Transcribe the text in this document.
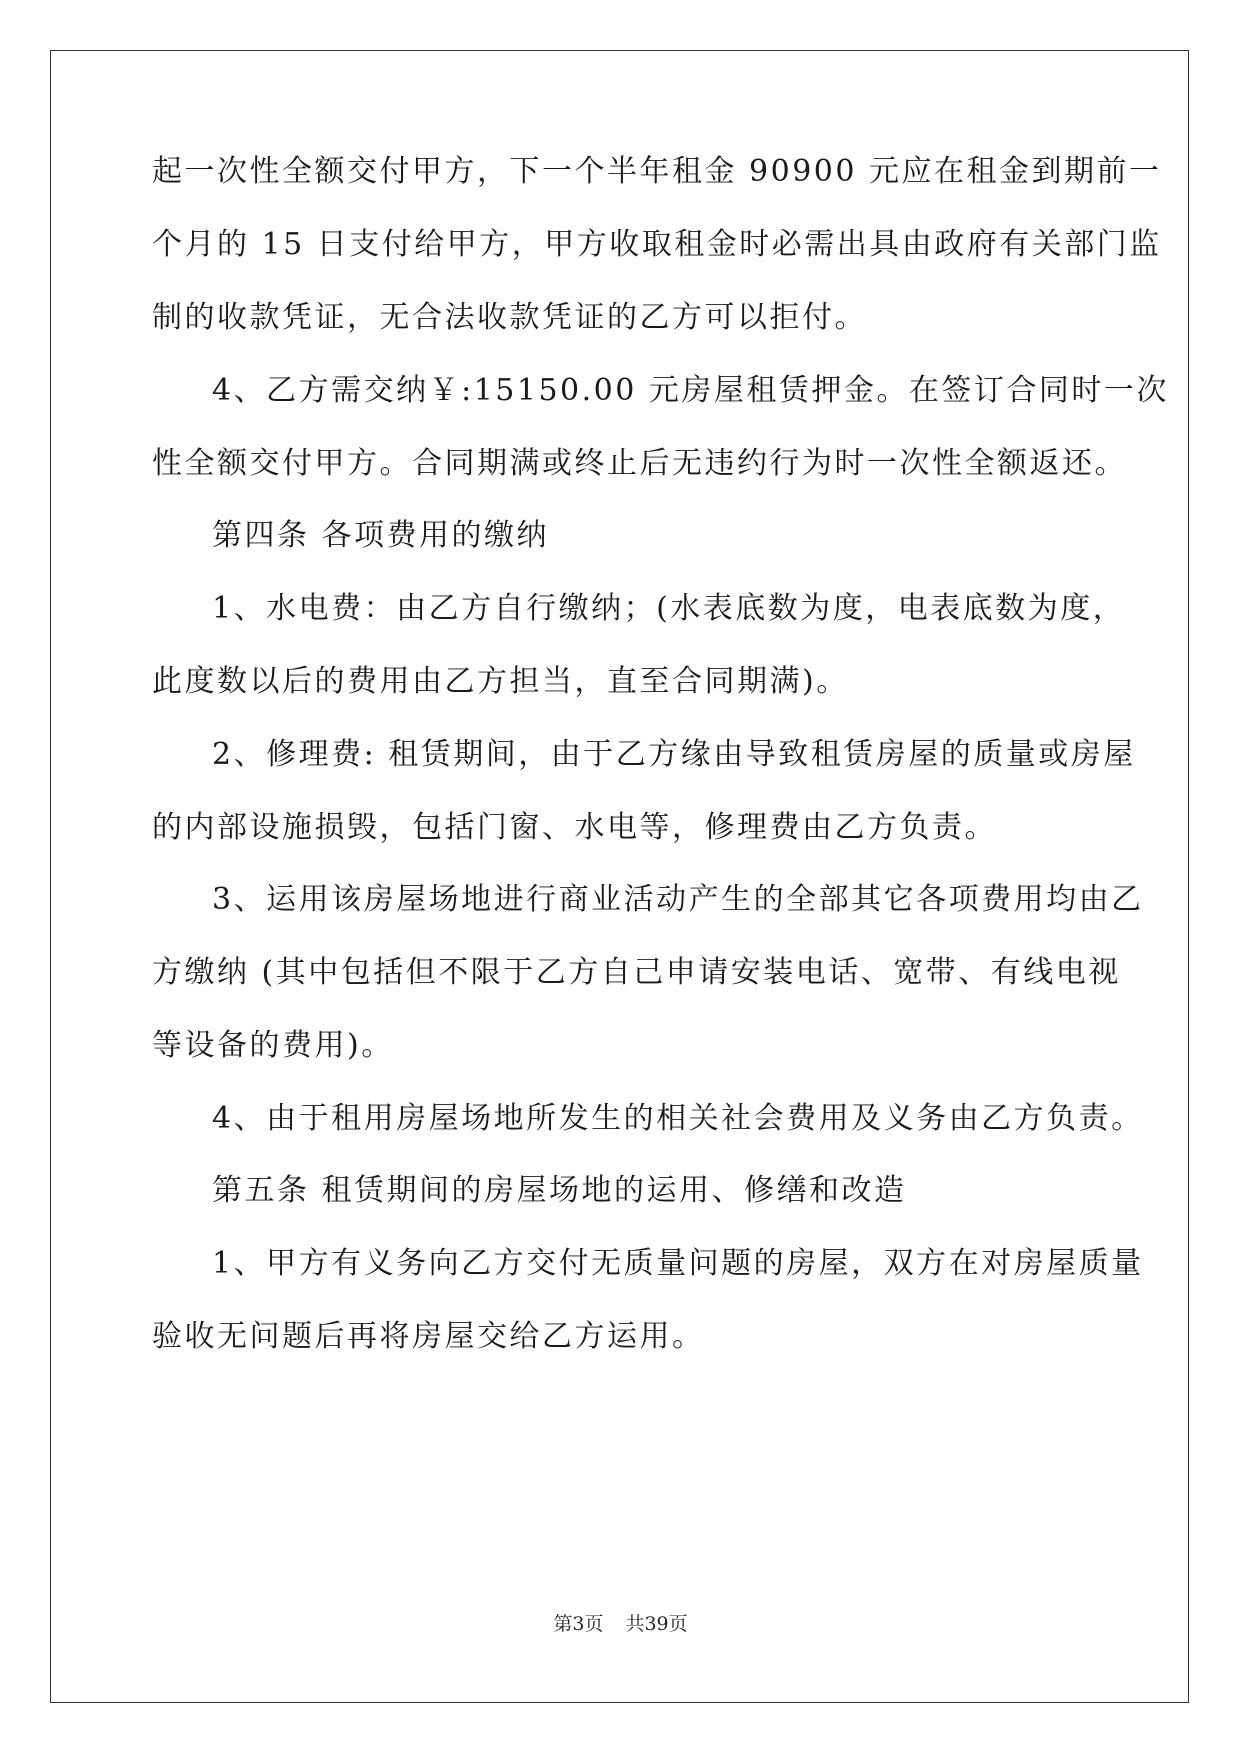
起一次性全额交付甲方，下一个半年租金 90900 元应在租金到期前一
个月的 15 日支付给甲方，甲方收取租金时必需出具由政府有关部门监
制的收款凭证，无合法收款凭证的乙方可以拒付。
4、乙方需交纳￥:15150.00 元房屋租赁押金。在签订合同时一次
性全额交付甲方。合同期满或终止后无违约行为时一次性全额返还。
第四条 各项费用的缴纳
1、水电费：由乙方自行缴纳；(水表底数为度，电表底数为度，
此度数以后的费用由乙方担当，直至合同期满)。
2、修理费: 租赁期间，由于乙方缘由导致租赁房屋的质量或房屋
的内部设施损毁，包括门窗、水电等，修理费由乙方负责。
3、运用该房屋场地进行商业活动产生的全部其它各项费用均由乙
方缴纳 (其中包括但不限于乙方自己申请安装电话、宽带、有线电视
等设备的费用)。
4、由于租用房屋场地所发生的相关社会费用及义务由乙方负责。
第五条 租赁期间的房屋场地的运用、修缮和改造
1、甲方有义务向乙方交付无质量问题的房屋，双方在对房屋质量
验收无问题后再将房屋交给乙方运用。
第3页 共39页
